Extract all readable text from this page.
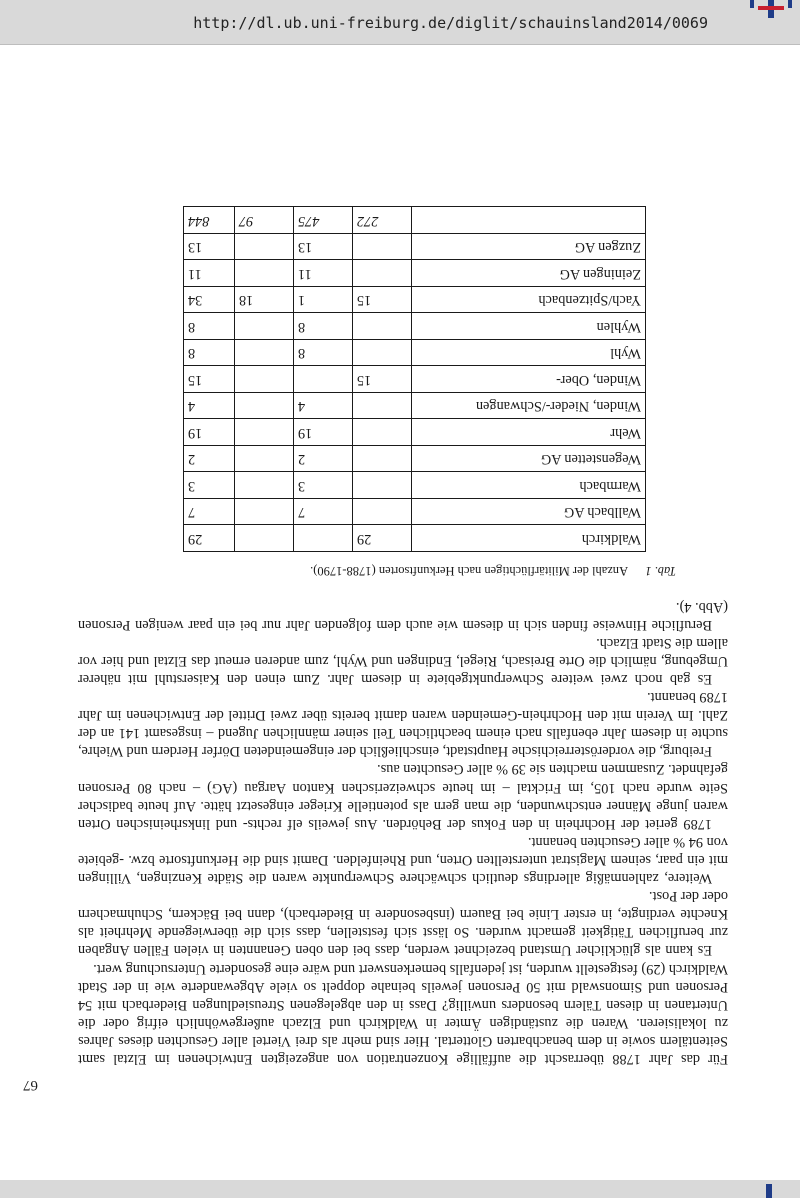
http://dl.ub.uni-freiburg.de/diglit/schauinsland2014/0069
67

Für das Jahr 1788 überrascht die auffällige Konzentration von angezeigten Entwichenen im Elztal samt Seitentälern sowie in dem benachbarten Glottertal. Hier sind mehr als drei Viertel aller Gesuchten dieses Jahres zu lokalisieren. Waren die zuständigen Ämter in Waldkirch und Elzach außergewöhnlich eifrig oder die Untertanen in diesen Tälern besonders unwillig? Dass in den abgelegenen Streusiedlungen Biederbach mit 54 Personen und Simonswald mit 50 Personen jeweils beinahe doppelt so viele Abgewanderte wie in der Stadt Waldkirch (29) festgestellt wurden, ist jedenfalls bemerkenswert und wäre eine gesonderte Untersuchung wert.

Es kann als glücklicher Umstand bezeichnet werden, dass bei den oben Genannten in vielen Fällen Angaben zur beruflichen Tätigkeit gemacht wurden. So lässt sich feststellen, dass sich die überwiegende Mehrheit als Knechte verdingte, in erster Linie bei Bauern (insbesondere in Biederbach), dann bei Bäckern, Schuhmachern oder der Post.

Weitere, zahlenmäßig allerdings deutlich schwächere Schwerpunkte waren die Städte Kenzingen, Villingen mit ein paar, seinem Magistrat unterstellten Orten, und Rheinfelden. Damit sind die Herkunftsorte bzw. -gebiete von 94 % aller Gesuchten benannt.

1789 geriet der Hochrhein in den Fokus der Behörden. Aus jeweils elf rechts- und linksrheinischen Orten waren junge Männer entschwunden, die man gern als potentielle Krieger eingesetzt hätte. Auf heute badischer Seite wurde nach 105, im Fricktal – im heute schweizerischen Kanton Aargau (AG) – nach 80 Personen gefahndet. Zusammen machten sie 39 % aller Gesuchten aus.

Freiburg, die vorderösterreichische Hauptstadt, einschließlich der eingemeindeten Dörfer Herdern und Wiehre, suchte in diesem Jahr ebenfalls nach einem beachtlichen Teil seiner männlichen Jugend – insgesamt 141 an der Zahl. Im Verein mit den Hochrhein-Gemeinden waren damit bereits über zwei Drittel der Entwichenen im Jahr 1789 benannt.

Es gab noch zwei weitere Schwerpunktgebiete in diesem Jahr. Zum einen den Kaiserstuhl mit näherer Umgebung, nämlich die Orte Breisach, Riegel, Endingen und Wyhl, zum anderen erneut das Elztal und hier vor allem die Stadt Elzach.

Berufliche Hinweise finden sich in diesem wie auch dem folgenden Jahr nur bei ein paar wenigen Personen (Abb. 4).

Tab. 1 Anzahl der Militärflüchtigen nach Herkunftsorten (1788-1790).
Waldkirch	29			29
Wallbach AG		7		7
Warmbach		3		3
Wegenstetten AG		2		2
Wehr		19		19
Winden, Nieder-/Schwangen		4		4
Winden, Ober-	15			15
Wyhl		8		8
Wyhlen		8		8
Yach/Spitzenbach	15	1	18	34
Zeiningen AG		11		11
Zuzgen AG		13		13
	272	475	97	844
